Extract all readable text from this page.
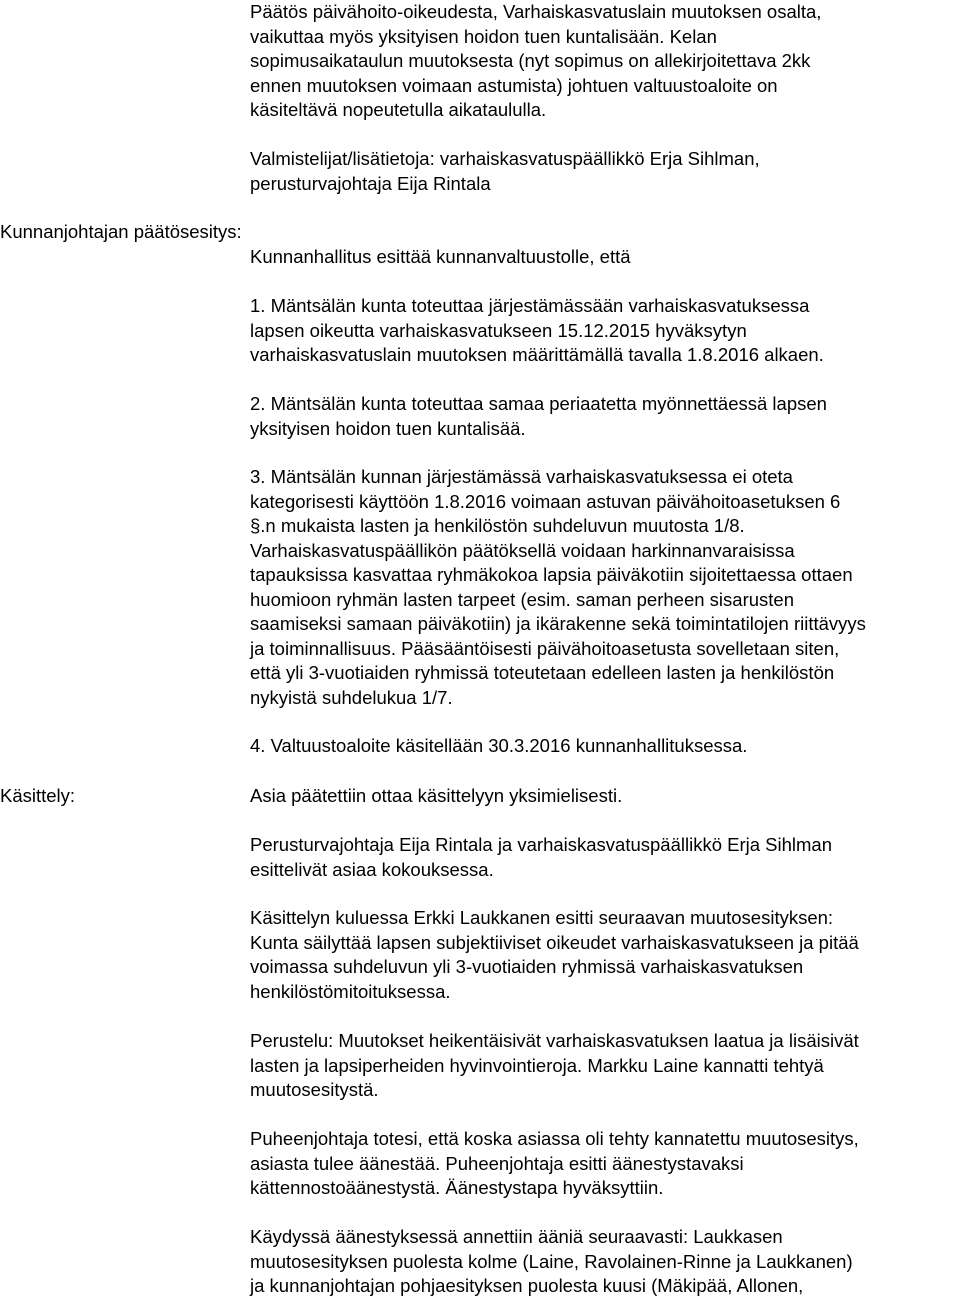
Päätös päivähoito-oikeudesta, Varhaiskasvatuslain muutoksen osalta,
vaikuttaa myös yksityisen hoidon tuen kuntalisään. Kelan
sopimusaikataulun muutoksesta (nyt sopimus on allekirjoitettava 2kk
ennen muutoksen voimaan astumista) johtuen valtuustoaloite on
käsiteltävä nopeutetulla aikataululla.
Valmistelijat/lisätietoja: varhaiskasvatuspäällikkö Erja Sihlman,
perusturvajohtaja Eija Rintala
Kunnanjohtajan päätösesitys:
Kunnanhallitus esittää kunnanvaltuustolle, että
1. Mäntsälän kunta toteuttaa järjestämässään varhaiskasvatuksessa
lapsen oikeutta varhaiskasvatukseen 15.12.2015 hyväksytyn
varhaiskasvatuslain muutoksen määrittämällä tavalla 1.8.2016 alkaen.
2. Mäntsälän kunta toteuttaa samaa periaatetta myönnettäessä lapsen
yksityisen hoidon tuen kuntalisää.
3. Mäntsälän kunnan järjestämässä varhaiskasvatuksessa ei oteta
kategorisesti käyttöön 1.8.2016 voimaan astuvan päivähoitoasetuksen 6
§.n mukaista lasten ja henkilöstön suhdeluvun muutosta 1/8.
Varhaiskasvatuspäällikön päätöksellä voidaan harkinnanvaraisissa
tapauksissa kasvattaa ryhmäkokoa lapsia päiväkotiin sijoitettaessa ottaen
huomioon ryhmän lasten tarpeet (esim. saman perheen sisarusten
saamiseksi samaan päiväkotiin) ja ikärakenne sekä toimintatilojen riittävyys
ja toiminnallisuus. Pääsääntöisesti päivähoitoasetusta sovelletaan siten,
että yli 3-vuotiaiden ryhmissä toteutetaan edelleen lasten ja henkilöstön
nykyistä suhdelukua 1/7.
4. Valtuustoaloite käsitellään 30.3.2016 kunnanhallituksessa.
Käsittely:	Asia päätettiin ottaa käsittelyyn yksimielisesti.
Perusturvajohtaja Eija Rintala ja varhaiskasvatuspäällikkö Erja Sihlman
esittelivät asiaa kokouksessa.
Käsittelyn kuluessa Erkki Laukkanen esitti seuraavan muutosesityksen:
Kunta säilyttää lapsen subjektiiviset oikeudet varhaiskasvatukseen ja pitää
voimassa suhdeluvun yli 3-vuotiaiden ryhmissä varhaiskasvatuksen
henkilöstömitoituksessa.
Perustelu: Muutokset heikentäisivät varhaiskasvatuksen laatua ja lisäisivät
lasten ja lapsiperheiden hyvinvointieroja. Markku Laine kannatti tehtyä
muutosesitystä.
Puheenjohtaja totesi, että koska asiassa oli tehty kannatettu muutosesitys,
asiasta tulee äänestää. Puheenjohtaja esitti äänestystavaksi
kättennostoäänestystä. Äänestystapa hyväksyttiin.
Käydyssä äänestyksessä annettiin ääniä seuraavasti: Laukkasen
muutosesityksen puolesta kolme (Laine, Ravolainen-Rinne ja Laukkanen)
ja kunnanjohtajan pohjaesityksen puolesta kuusi (Mäkipää, Allonen,
